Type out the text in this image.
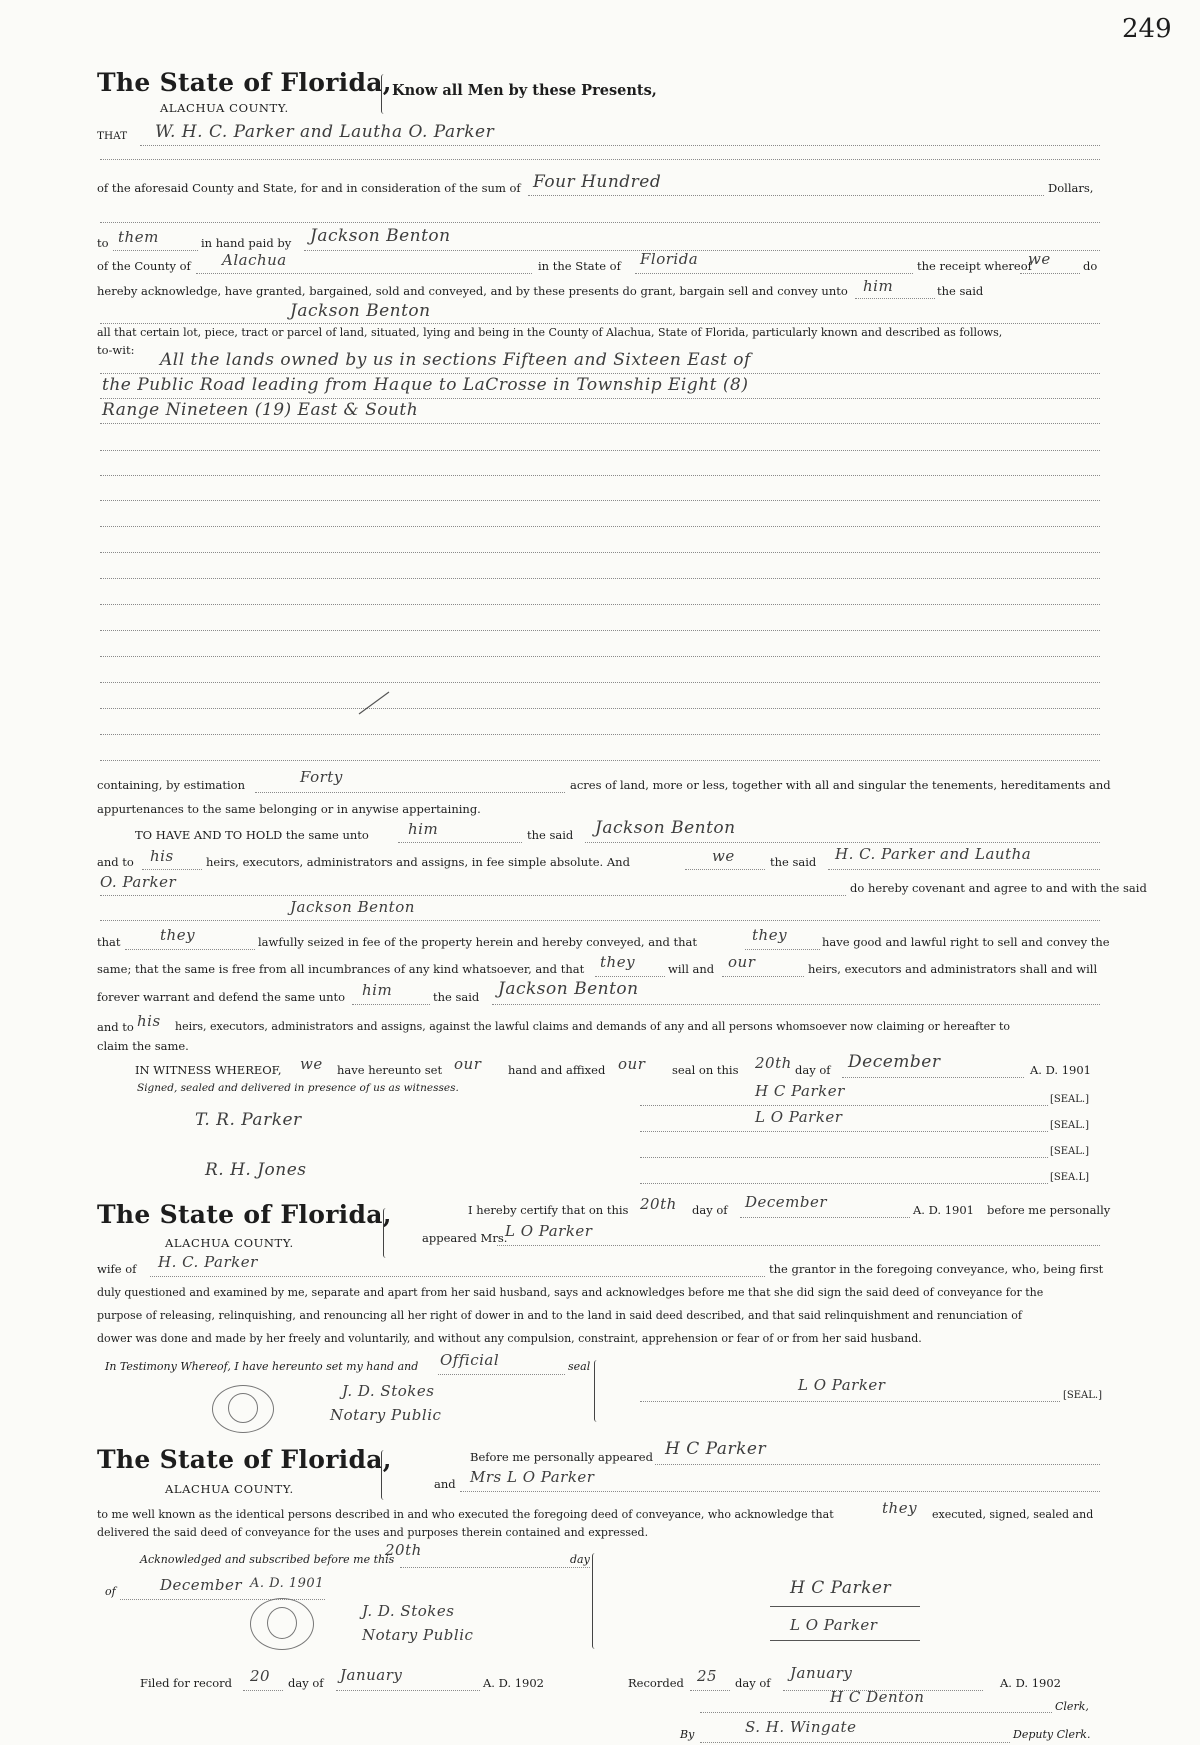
249
The State of Florida, Know all Men by these Presents,
ALACHUA COUNTY.
THAT W. H. C. Parker and Lautha O. Parker
of the aforesaid County and State, for and in consideration of the sum of Four Hundred	Dollars,
to them	in hand paid by Jackson Benton
of the County of Alachua	in the State of Florida	the receipt whereof
we	do
hereby acknowledge, have granted, bargained, sold and conveyed, and by these presents do grant, bargain sell and convey unto him	the said
Jackson Benton
all that certain lot, piece, tract or parcel of land, situated, lying and being in the County of Alachua, State of Florida, particularly known and described as follows,
to-wit: All the lands owned by us in sections Fifteen and Sixteen East of
the Public Road leading from Haque to LaCrosse in Township Eight (8)
Range Nineteen (19) East & South
containing, by estimation	Forty	acres of land, more or less, together with all and singular the tenements, hereditaments and
appurtenances to the same belonging or in anywise appertaining.
TO HAVE AND TO HOLD the same unto	him	the said Jackson Benton
and to his	heirs, executors, administrators and assigns, in fee simple absolute. And	we	the said H. C. Parker and Lautha
O. Parker	do hereby covenant and agree to and with the said
Jackson Benton
that	they	lawfully seized in fee of the property herein and hereby conveyed, and that	they	have good and lawful right to sell and convey the
same; that the same is free from all incumbrances of any kind whatsoever, and that they	will and our	heirs, executors and administrators shall and will
forever warrant and defend the same unto him	the said Jackson Benton
and to his heirs, executors, administrators and assigns, against the lawful claims and demands of any and all persons whomsoever now claiming or hereafter to
claim the same.
IN WITNESS WHEREOF, we have hereunto set our hand and affixed our seal on this 20th day of December	A. D. 1901
Signed, sealed and delivered in presence of us as witnesses.
T. R. Parker
R. H. Jones
H C Parker	[SEAL.]
L O Parker	[SEAL.]
[SEAL.]
[SEA.L]
The State of Florida,
ALACHUA COUNTY.
I hereby certify that on this 20th day of December	A. D. 1901 before me personally
appeared Mrs.
L O Parker
wife of H. C. Parker	the grantor in the foregoing conveyance, who, being first
duly questioned and examined by me, separate and apart from her said husband, says and acknowledges before me that she did sign the said deed of conveyance for the
purpose of releasing, relinquishing, and renouncing all her right of dower in and to the land in said deed described, and that said relinquishment and renunciation of
dower was done and made by her freely and voluntarily, and without any compulsion, constraint, apprehension or fear of or from her said husband.
In Testimony Whereof, I have hereunto set my hand and Official	seal
J. D. Stokes
Notary Public
L O Parker
[SEAL.]
The State of Florida,
ALACHUA COUNTY.
Before me personally appeared H C Parker
and Mrs L O Parker
to me well known as the identical persons described in and who executed the foregoing deed of conveyance, who acknowledge that	they executed, signed, sealed and
delivered the said deed of conveyance for the uses and purposes therein contained and expressed.
Acknowledged and subscribed before me this
20th
day
of	December A. D. 1901
J. D. Stokes
Notary Public
H C Parker
L O Parker
Filed for record 20 day of January	A. D. 1902	Recorded 25 day of
January
A. D. 1902
H C Denton
Clerk,
By	S. H. Wingate	Deputy Clerk.
